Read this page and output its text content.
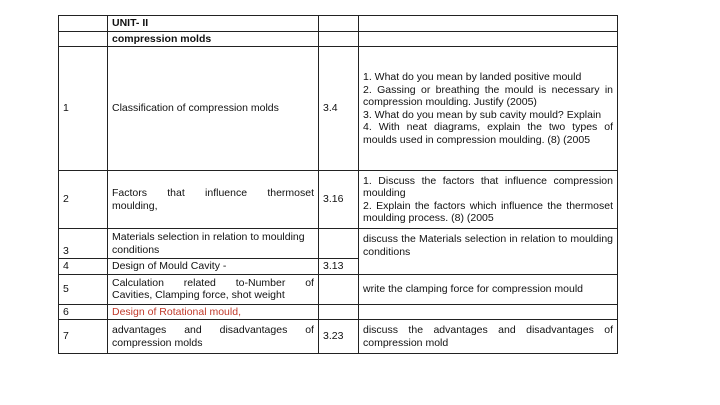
	UNIT- II		
	compression molds		
1	Classification of compression molds	3.4	1. What do you mean by landed positive mould
2. Gassing or breathing the mould is necessary in compression moulding. Justify (2005)
3. What do you mean by sub cavity mould? Explain
4. With neat diagrams, explain the two types of moulds used in compression moulding. (8) (2005

2	Factors that influence thermoset
moulding,	3.16	1. Discuss the factors that influence compression moulding
2. Explain the factors which influence the thermoset moulding process. (8) (2005

3	Materials selection in relation to moulding conditions		discuss the Materials selection in relation to moulding conditions
4	Design of Mould Cavity -	3.13	
5	Calculation related to-Number of
Cavities, Clamping force, shot weight		write the clamping force for compression mould
6	Design of Rotational mould,		
7	advantages and disadvantages of
compression molds	3.23	discuss the advantages and disadvantages of compression mold
